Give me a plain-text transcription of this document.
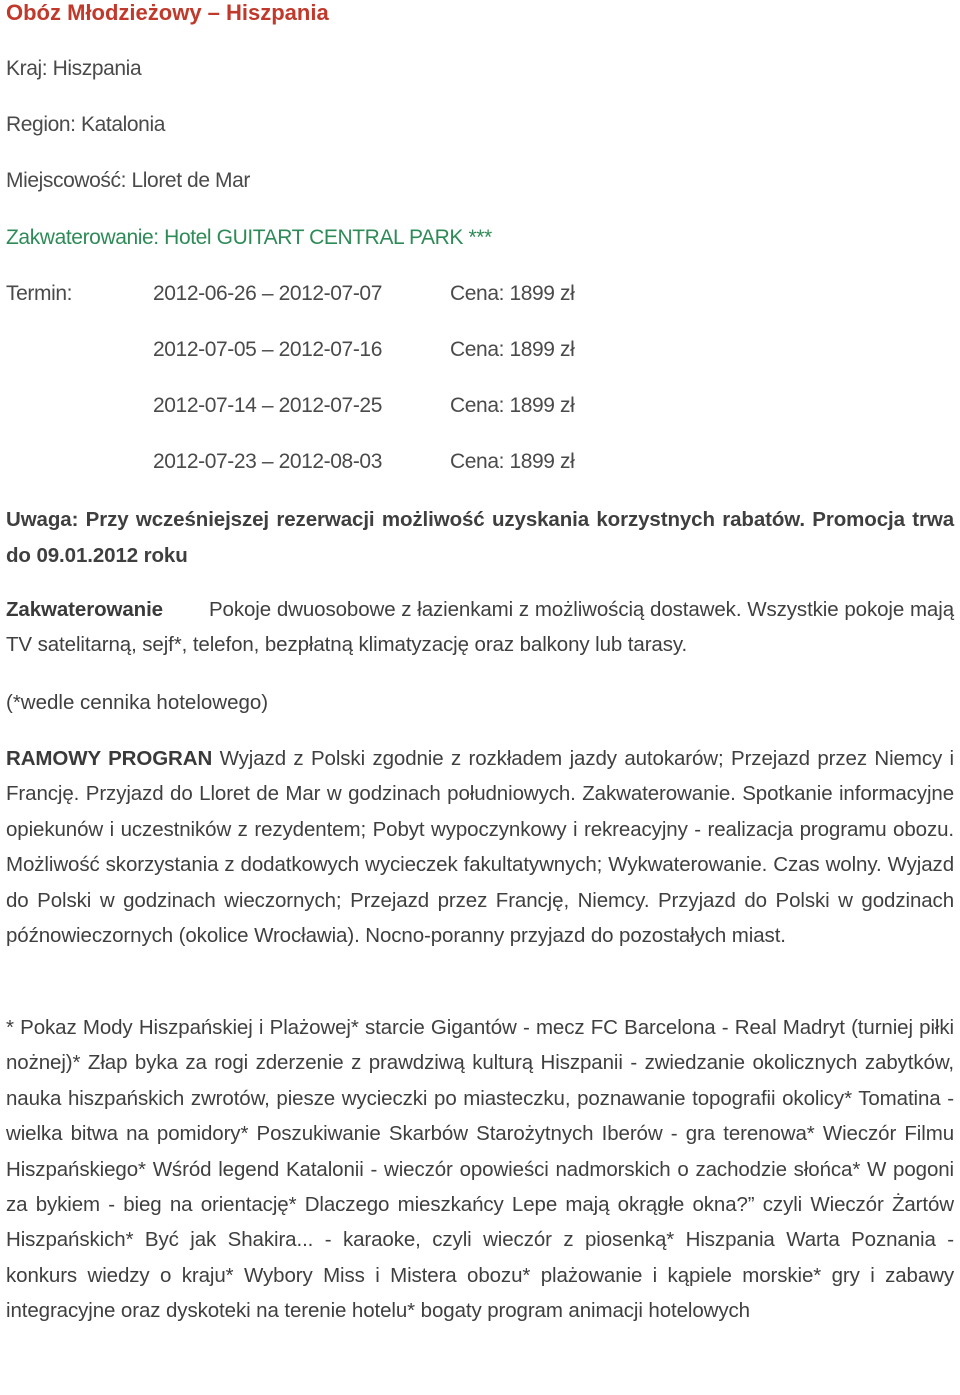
Obóz Młodzieżowy – Hiszpania
Kraj: Hiszpania
Region: Katalonia
Miejscowość: Lloret de Mar
Zakwaterowanie: Hotel GUITART CENTRAL PARK ***
Termin:	2012-06-26 – 2012-07-07	Cena: 1899 zł
2012-07-05 – 2012-07-16	Cena: 1899 zł
2012-07-14 – 2012-07-25	Cena: 1899 zł
2012-07-23 – 2012-08-03	Cena: 1899 zł
Uwaga: Przy wcześniejszej rezerwacji możliwość uzyskania korzystnych rabatów. Promocja trwa do 09.01.2012 roku
Zakwaterowanie Pokoje dwuosobowe z łazienkami z możliwością dostawek. Wszystkie pokoje mają TV satelitarną, sejf*, telefon, bezpłatną klimatyzację oraz balkony lub tarasy.
(*wedle cennika hotelowego)
RAMOWY PROGRAN Wyjazd z Polski zgodnie z rozkładem jazdy autokarów; Przejazd przez Niemcy i Francję. Przyjazd do Lloret de Mar w godzinach południowych. Zakwaterowanie. Spotkanie informacyjne opiekunów i uczestników z rezydentem; Pobyt wypoczynkowy i rekreacyjny - realizacja programu obozu. Możliwość skorzystania z dodatkowych wycieczek fakultatywnych; Wykwaterowanie. Czas wolny. Wyjazd do Polski w godzinach wieczornych; Przejazd przez Francję, Niemcy. Przyjazd do Polski w godzinach późnowieczornych (okolice Wrocławia). Nocno-poranny przyjazd do pozostałych miast.
* Pokaz Mody Hiszpańskiej i Plażowej* starcie Gigantów - mecz FC Barcelona - Real Madryt (turniej piłki nożnej)* Złap byka za rogi zderzenie z prawdziwą kulturą Hiszpanii - zwiedzanie okolicznych zabytków, nauka hiszpańskich zwrotów, piesze wycieczki po miasteczku, poznawanie topografii okolicy* Tomatina - wielka bitwa na pomidory* Poszukiwanie Skarbów Starożytnych Iberów - gra terenowa* Wieczór Filmu Hiszpańskiego* Wśród legend Katalonii - wieczór opowieści nadmorskich o zachodzie słońca* W pogoni za bykiem - bieg na orientację* Dlaczego mieszkańcy Lepe mają okrągłe okna?” czyli Wieczór Żartów Hiszpańskich* Być jak Shakira... - karaoke, czyli wieczór z piosenką* Hiszpania Warta Poznania - konkurs wiedzy o kraju* Wybory Miss i Mistera obozu* plażowanie i kąpiele morskie* gry i zabawy integracyjne oraz dyskoteki na terenie hotelu* bogaty program animacji hotelowych
